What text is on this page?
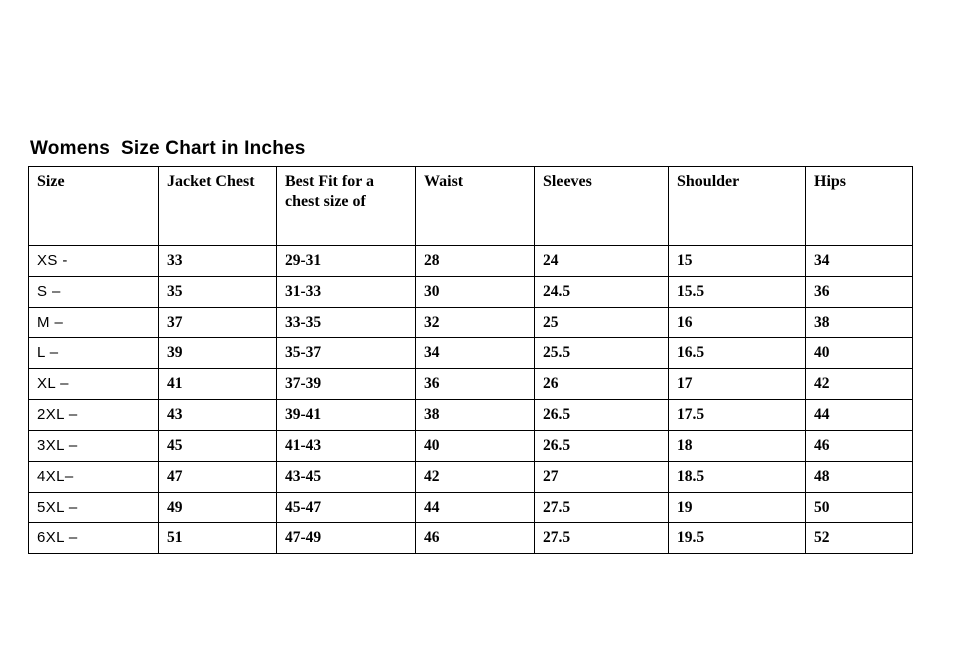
Womens  Size Chart in Inches
Size	Jacket Chest	Best Fit for a chest size of	Waist	Sleeves	Shoulder	Hips
XS -	33	29-31	28	24	15	34
S –	35	31-33	30	24.5	15.5	36
M –	37	33-35	32	25	16	38
L –	39	35-37	34	25.5	16.5	40
XL –	41	37-39	36	26	17	42
2XL –	43	39-41	38	26.5	17.5	44
3XL –	45	41-43	40	26.5	18	46
4XL–	47	43-45	42	27	18.5	48
5XL –	49	45-47	44	27.5	19	50
6XL –	51	47-49	46	27.5	19.5	52
